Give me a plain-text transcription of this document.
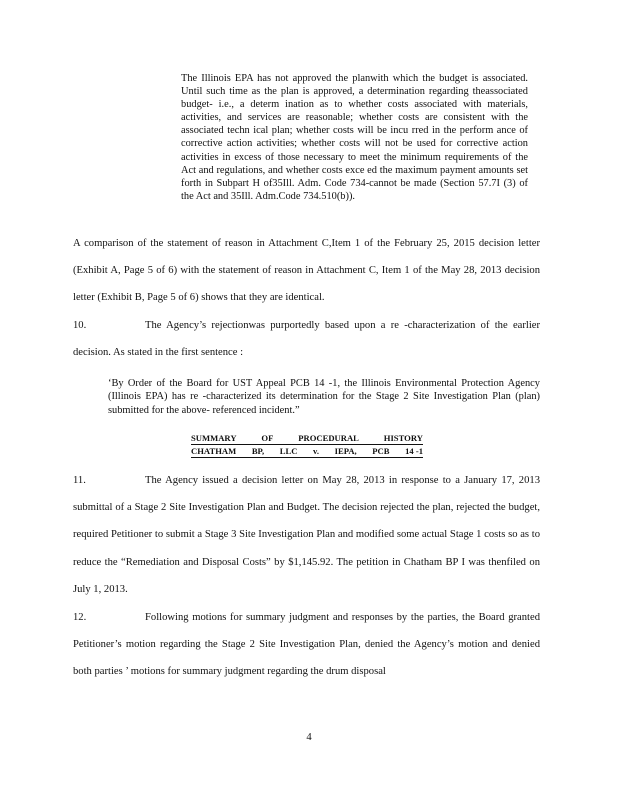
The Illinois EPA has not approved the planwith which the budget is associated. Until such time as the plan is approved, a determination regarding theassociated budget- i.e., a determ ination as to whether costs associated with materials, activities, and services are reasonable; whether costs are consistent with the associated techn ical plan; whether costs will be incu rred in the perform ance of corrective action activities; whether costs will not be used for corrective action activities in excess of those necessary to meet the minimum requirements of the Act and regulations, and whether costs exce ed the maximum payment amounts set forth in Subpart H of35Ill. Adm. Code 734-cannot be made (Section 57.7I (3) of the Act and 35Ill. Adm.Code 734.510(b)).
A comparison of the statement of reason in Attachment C,Item 1 of the February 25, 2015 decision letter (Exhibit A, Page 5 of 6) with the statement of reason in Attachment C, Item 1 of the May 28, 2013 decision letter (Exhibit B, Page 5 of 6) shows that they are identical.
10.	The Agency’s rejectionwas purportedly based upon a re -characterization of the earlier decision. As stated in the first sentence :
‘By Order of the Board for UST Appeal PCB 14 -1, the Illinois Environmental Protection Agency (Illinois EPA) has re -characterized its determination for the Stage 2 Site Investigation Plan (plan) submitted for the above- referenced incident.”
SUMMARY	OF	PROCEDURAL	HISTORY
CHATHAM BP, LLC v. IEPA, PCB 14 -1
11.	The Agency issued a decision letter on May 28, 2013 in response to a January 17, 2013 submittal of a Stage 2 Site Investigation Plan and Budget. The decision rejected the plan, rejected the budget, required Petitioner to submit a Stage 3 Site Investigation Plan and modified some actual Stage 1 costs so as to reduce the “Remediation and Disposal Costs” by $1,145.92. The petition in Chatham BP I was thenfiled on July 1, 2013.
12.	Following motions for summary judgment and responses by the parties, the Board granted Petitioner’s motion regarding the Stage 2 Site Investigation Plan, denied the Agency’s motion and denied both parties ’ motions for summary judgment regarding the drum disposal
4
